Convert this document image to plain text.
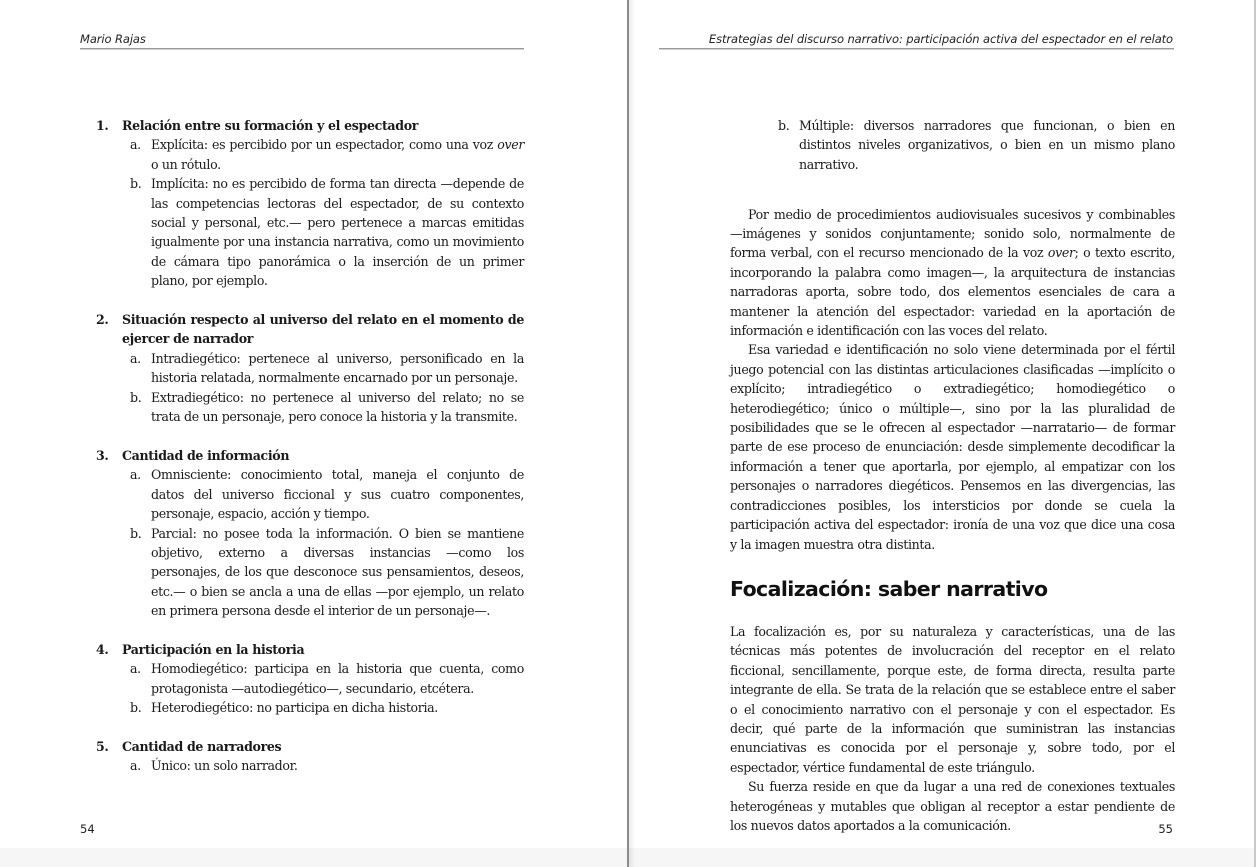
Mario Rajas
1.	Relación entre su formación y el espectador
a. Explícita: es percibido por un espectador, como una voz over o un rótulo.
b. Implícita: no es percibido de forma tan directa —depende de las competencias lectoras del espectador, de su contexto social y personal, etc.— pero pertenece a marcas emitidas igualmente por una instancia narrativa, como un movimiento de cámara tipo panorámica o la inserción de un primer plano, por ejemplo.
2.	Situación respecto al universo del relato en el momento de ejercer de narrador
a. Intradiegético: pertenece al universo, personificado en la historia relatada, normalmente encarnado por un personaje.
b. Extradiegético: no pertenece al universo del relato; no se trata de un personaje, pero conoce la historia y la transmite.
3.	Cantidad de información
a. Omnisciente: conocimiento total, maneja el conjunto de datos del universo ficcional y sus cuatro componentes, personaje, espacio, acción y tiempo.
b. Parcial: no posee toda la información. O bien se mantiene objetivo, externo a diversas instancias —como los personajes, de los que desconoce sus pensamientos, deseos, etc.— o bien se ancla a una de ellas —por ejemplo, un relato en primera persona desde el interior de un personaje—.
4.	Participación en la historia
a. Homodiegético: participa en la historia que cuenta, como protagonista —autodiegético—, secundario, etcétera.
b. Heterodiegético: no participa en dicha historia.
5.	Cantidad de narradores
a. Único: un solo narrador.
54
Estrategias del discurso narrativo: participación activa del espectador en el relato
b. Múltiple: diversos narradores que funcionan, o bien en distintos niveles organizativos, o bien en un mismo plano narrativo.

Por medio de procedimientos audiovisuales sucesivos y combinables —imágenes y sonidos conjuntamente; sonido solo, normalmente de forma verbal, con el recurso mencionado de la voz over; o texto escrito, incorporando la palabra como imagen—, la arquitectura de instancias narradoras aporta, sobre todo, dos elementos esenciales de cara a mantener la atención del espectador: variedad en la aportación de información e identificación con las voces del relato.

Esa variedad e identificación no solo viene determinada por el fértil juego potencial con las distintas articulaciones clasificadas —implícito o explícito; intradiegético o extradiegético; homodiegético o heterodiegético; único o múltiple—, sino por la las pluralidad de posibilidades que se le ofrecen al espectador —narratario— de formar parte de ese proceso de enunciación: desde simplemente decodificar la información a tener que aportarla, por ejemplo, al empatizar con los personajes o narradores diegéticos. Pensemos en las divergencias, las contradicciones posibles, los intersticios por donde se cuela la participación activa del espectador: ironía de una voz que dice una cosa y la imagen muestra otra distinta.

Focalización: saber narrativo

La focalización es, por su naturaleza y características, una de las técnicas más potentes de involucración del receptor en el relato ficcional, sencillamente, porque este, de forma directa, resulta parte integrante de ella. Se trata de la relación que se establece entre el saber o el conocimiento narrativo con el personaje y con el espectador. Es decir, qué parte de la información que suministran las instancias enunciativas es conocida por el personaje y, sobre todo, por el espectador, vértice fundamental de este triángulo.

Su fuerza reside en que da lugar a una red de conexiones textuales heterogéneas y mutables que obligan al receptor a estar pendiente de los nuevos datos aportados a la comunicación.	55
